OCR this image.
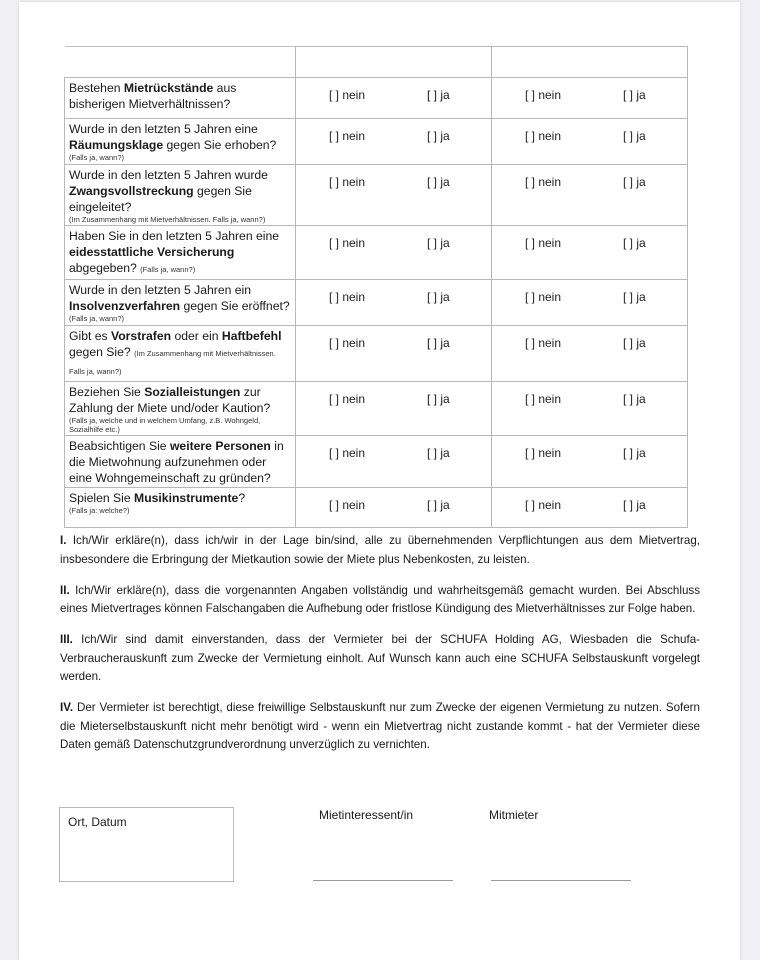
Bestehen Mietrückstände aus bisherigen Mietverhältnissen?	[ ] nein [ ] ja	[ ] nein [ ] ja

Wurde in den letzten 5 Jahren eine Räumungsklage gegen Sie erhoben?
(Falls ja, wann?)	[ ] nein [ ] ja	[ ] nein [ ] ja

Wurde in den letzten 5 Jahren wurde Zwangsvollstreckung gegen Sie eingeleitet?
(Im Zusammenhang mit Mietverhältnissen. Falls ja, wann?)	[ ] nein [ ] ja	[ ] nein [ ] ja

Haben Sie in den letzten 5 Jahren eine eidesstattliche Versicherung abgegeben? (Falls ja, wann?)	[ ] nein [ ] ja	[ ] nein [ ] ja

Wurde in den letzten 5 Jahren ein Insolvenzverfahren gegen Sie eröffnet?
(Falls ja, wann?)	[ ] nein [ ] ja	[ ] nein [ ] ja

Gibt es Vorstrafen oder ein Haftbefehl gegen Sie? (Im Zusammenhang mit Mietverhältnissen. Falls ja, wann?)	[ ] nein [ ] ja	[ ] nein [ ] ja

Beziehen Sie Sozialleistungen zur Zahlung der Miete und/oder Kaution?
(Falls ja, welche und in welchem Umfang, z.B. Wohngeld, Sozialhilfe etc.)	[ ] nein [ ] ja	[ ] nein [ ] ja

Beabsichtigen Sie weitere Personen in die Mietwohnung aufzunehmen oder eine Wohngemeinschaft zu gründen?	[ ] nein [ ] ja	[ ] nein [ ] ja

Spielen Sie Musikinstrumente?
(Falls ja: welche?)	[ ] nein [ ] ja	[ ] nein [ ] ja

I. Ich/Wir erkläre(n), dass ich/wir in der Lage bin/sind, alle zu übernehmenden Verpflichtungen aus dem Mietvertrag, insbesondere die Erbringung der Mietkaution sowie der Miete plus Nebenkosten, zu leisten.

II. Ich/Wir erkläre(n), dass die vorgenannten Angaben vollständig und wahrheitsgemäß gemacht wurden. Bei Abschluss eines Mietvertrages können Falschangaben die Aufhebung oder fristlose Kündigung des Mietverhältnisses zur Folge haben.

III. Ich/Wir sind damit einverstanden, dass der Vermieter bei der SCHUFA Holding AG, Wiesbaden die Schufa-Verbraucherauskunft zum Zwecke der Vermietung einholt. Auf Wunsch kann auch eine SCHUFA Selbstauskunft vorgelegt werden.

IV. Der Vermieter ist berechtigt, diese freiwillige Selbstauskunft nur zum Zwecke der eigenen Vermietung zu nutzen. Sofern die Mieterselbstauskunft nicht mehr benötigt wird - wenn ein Mietvertrag nicht zustande kommt - hat der Vermieter diese Daten gemäß Datenschutzgrundverordnung unverzüglich zu vernichten.

Ort, Datum	Mietinteressent/in	Mitmieter
